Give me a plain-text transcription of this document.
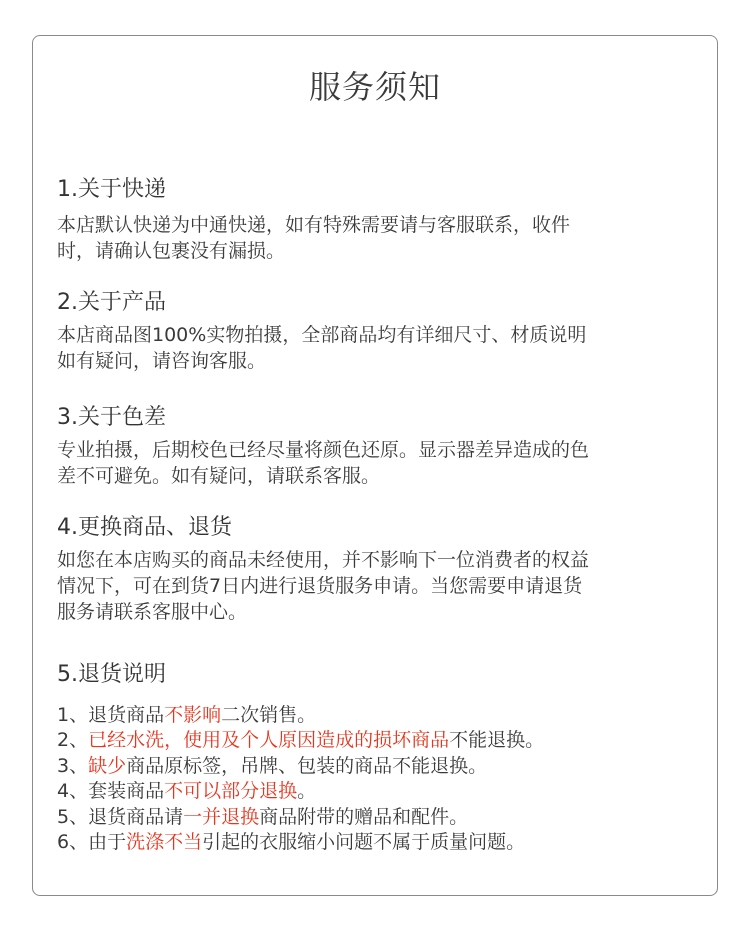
服务须知
1.关于快递
本店默认快递为中通快递，如有特殊需要请与客服联系，收件
时，请确认包裹没有漏损。
2.关于产品
本店商品图100%实物拍摄，全部商品均有详细尺寸、材质说明
如有疑问，请咨询客服。
3.关于色差
专业拍摄，后期校色已经尽量将颜色还原。显示器差异造成的色
差不可避免。如有疑问，请联系客服。
4.更换商品、退货
如您在本店购买的商品未经使用，并不影响下一位消费者的权益
情况下，可在到货7日内进行退货服务申请。当您需要申请退货
服务请联系客服中心。
5.退货说明
1、退货商品不影响二次销售。
2、已经水洗，使用及个人原因造成的损坏商品不能退换。
3、缺少商品原标签，吊牌、包装的商品不能退换。
4、套装商品不可以部分退换。
5、退货商品请一并退换商品附带的赠品和配件。
6、由于洗涤不当引起的衣服缩小问题不属于质量问题。
